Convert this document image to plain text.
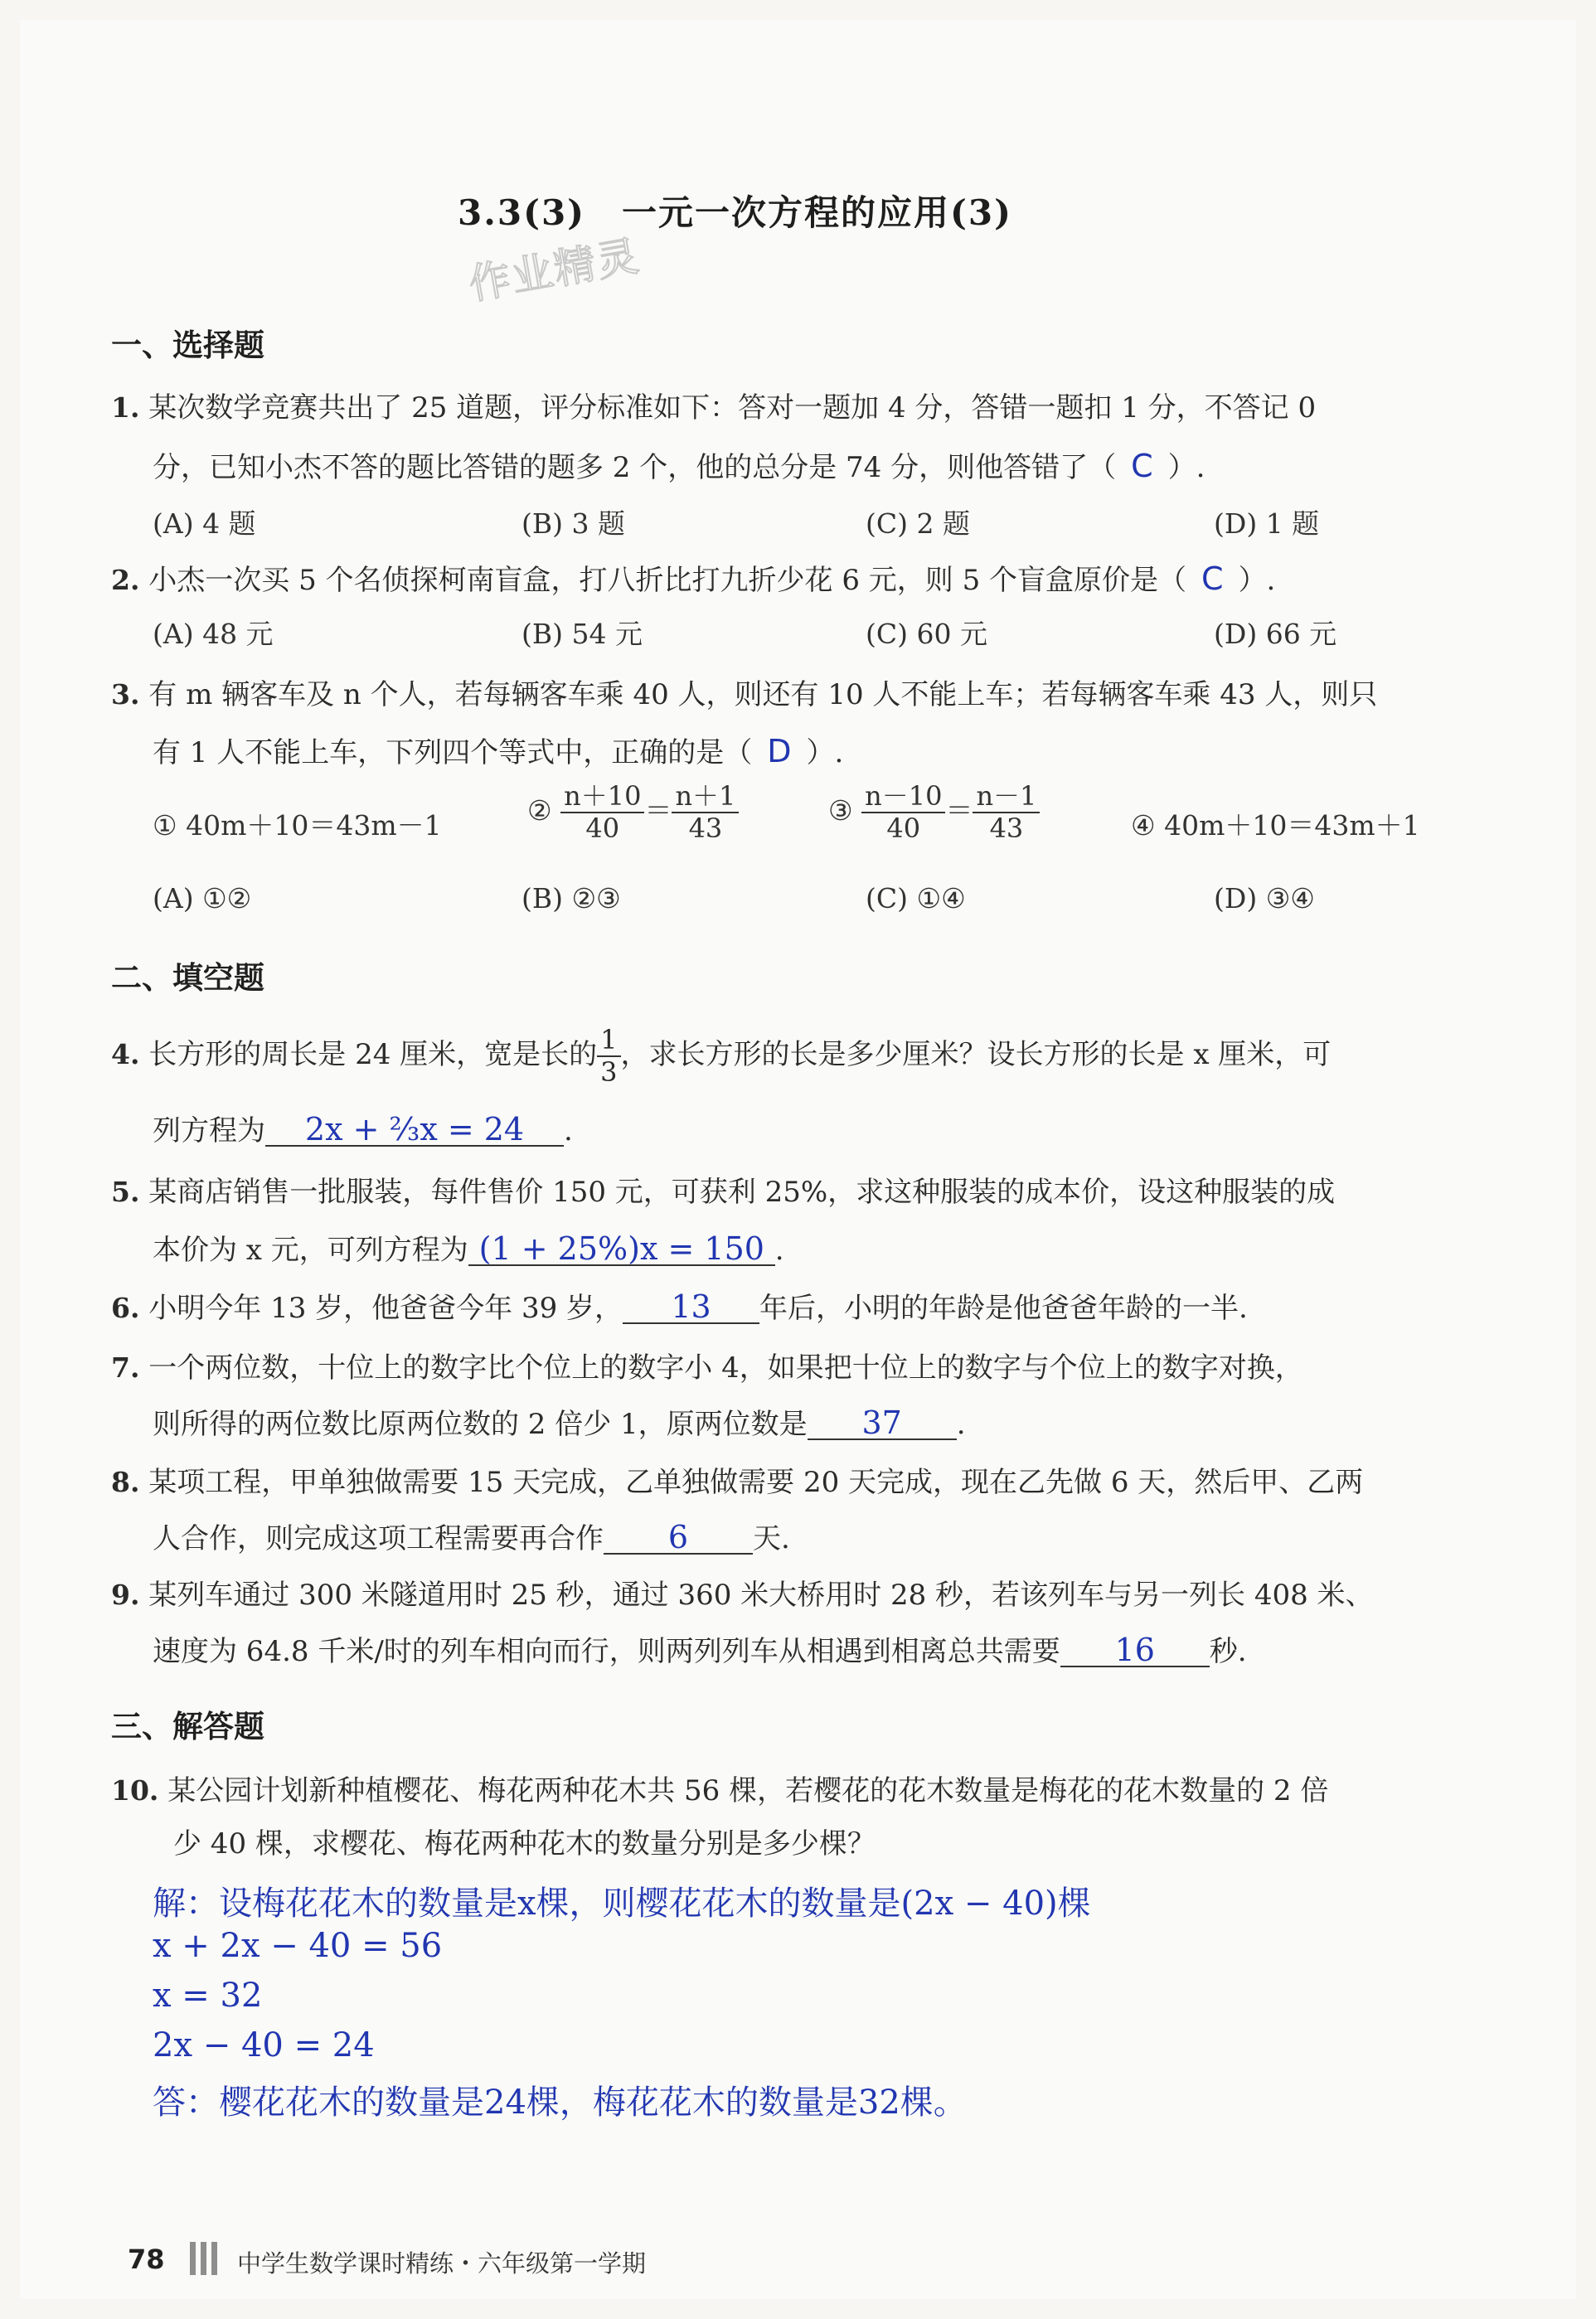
3.3(3)　一元一次方程的应用(3)
作业精灵
一、选择题
1. 某次数学竞赛共出了 25 道题，评分标准如下：答对一题加 4 分，答错一题扣 1 分，不答记 0
分，已知小杰不答的题比答错的题多 2 个，他的总分是 74 分，则他答错了（ C ）.
(A) 4 题	(B) 3 题	(C) 2 题	(D) 1 题
2. 小杰一次买 5 个名侦探柯南盲盒，打八折比打九折少花 6 元，则 5 个盲盒原价是（ C ）.
(A) 48 元	(B) 54 元	(C) 60 元	(D) 66 元
3. 有 m 辆客车及 n 个人，若每辆客车乘 40 人，则还有 10 人不能上车；若每辆客车乘 43 人，则只
有 1 人不能上车，下列四个等式中，正确的是（ D ）.
① 40m＋10＝43m－1	② $\frac{n+10}{40} = \frac{n+1}{43}$	③ $\frac{n-10}{40} = \frac{n-1}{43}$	④ 40m＋10＝43m＋1
(A) ①②	(B) ②③	(C) ①④	(D) ③④
二、填空题
4. 长方形的周长是 24 厘米，宽是长的 $\frac{1}{3}$ ，求长方形的长是多少厘米？设长方形的长是 x 厘米，可
列方程为 2x + ⅔x = 24 .
5. 某商店销售一批服装，每件售价 150 元，可获利 25%，求这种服装的成本价，设这种服装的成
本价为 x 元，可列方程为 (1 + 25%)x = 150 .
6. 小明今年 13 岁，他爸爸今年 39 岁， 13 年后，小明的年龄是他爸爸年龄的一半.
7. 一个两位数，十位上的数字比个位上的数字小 4，如果把十位上的数字与个位上的数字对换，
则所得的两位数比原两位数的 2 倍少 1，原两位数是 37 .
8. 某项工程，甲单独做需要 15 天完成，乙单独做需要 20 天完成，现在乙先做 6 天，然后甲、乙两
人合作，则完成这项工程需要再合作 6 天.
9. 某列车通过 300 米隧道用时 25 秒，通过 360 米大桥用时 28 秒，若该列车与另一列长 408 米、
速度为 64.8 千米/时的列车相向而行，则两列列车从相遇到相离总共需要 16 秒.
三、解答题
10. 某公园计划新种植樱花、梅花两种花木共 56 棵，若樱花的花木数量是梅花的花木数量的 2 倍
少 40 棵，求樱花、梅花两种花木的数量分别是多少棵？
解：设梅花花木的数量是x棵，则樱花花木的数量是(2x − 40)棵
x + 2x − 40 = 56
x = 32
2x − 40 = 24
答：樱花花木的数量是24棵，梅花花木的数量是32棵。
78	中学生数学课时精练・六年级第一学期
